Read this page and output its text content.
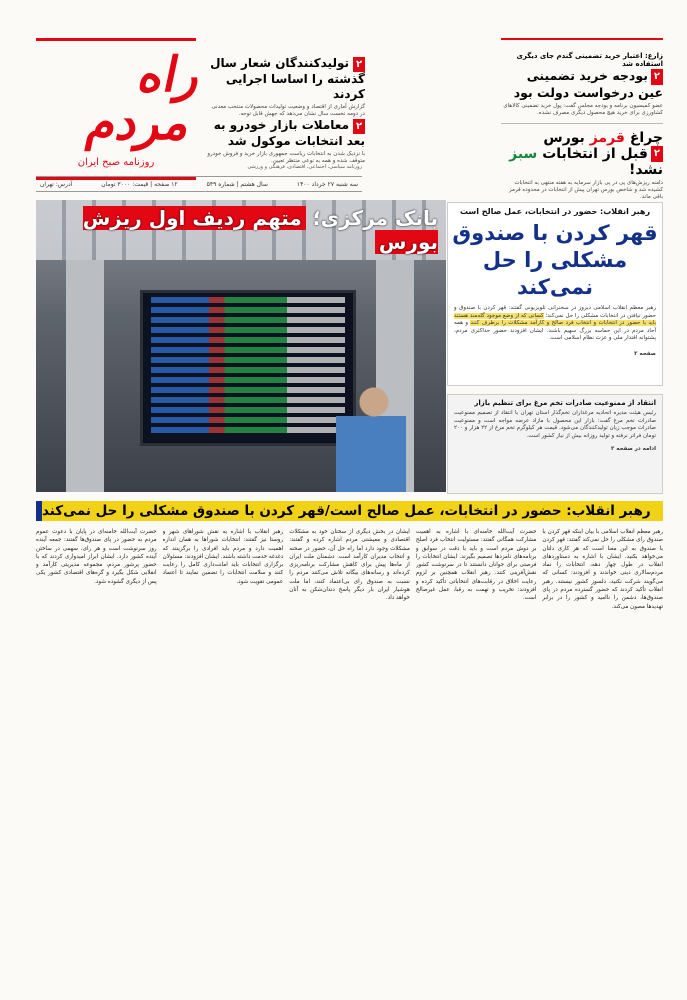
راه مردم
روزنامه صبح ایران	روزنامه سیاسی، اجتماعی، اقتصادی، فرهنگی و ورزشی
سه شنبه ۲۷ خرداد ۱۴۰۰
سال هشتم | شماره ۵۴۹
۱۲ صفحه | قیمت: ۳۰۰۰ تومان
آدرس: تهران
۲تولیدکنندگان شعار سال گذشته را اساسا اجرایی کردند
گزارش آماری از اقتصاد و وضعیت تولیدات محصولات منتخب معدنی در دومه نخست سال نشان می‌دهد که جهش قابل توجه.
۲معاملات بازار خودرو به بعد انتخابات موکول شد
با نزدیک شدن به انتخابات ریاست جمهوری بازار خرید و فروش خودرو متوقف شده و همه به نوعی منتظر تعیین.
زارع: اعتبار خرید تضمینی گندم جای دیگری استفاده شد
۲بودجه خرید تضمینی عین درخواست دولت بود
عضو کمیسیون برنامه و بودجه مجلس گفت: پول خرید تضمینی کالاهای کشاورزی برای خرید هیچ محصول دیگری مصرف نشده.
چراغ قرمز بورس
۲قبل از انتخابات سبز نشد!
دامنه ریزش‌های پی در پی بازار سرمایه به هفته منتهی به انتخابات کشیده شد و شاخص بورس تهران پیش از انتخابات در محدوده قرمز باقی ماند.
بانک مرکزی؛ متهم ردیف اول ریزش بورس
رهبر انقلاب: حضور در انتخابات، عمل صالح است
قهر کردن با صندوق مشکلی را حل نمی‌کند
رهبر معظم انقلاب اسلامی دیروز در سخنرانی تلویزیونی گفتند: قهر کردن با صندوق و حضور نیافتن در انتخابات مشکلی را حل نمی‌کند؛ کسانی که از وضع موجود گله‌مند هستند باید با حضور در انتخابات و انتخاب فرد صالح و کارآمد مشکلات را برطرف کنند و همه آحاد مردم در این حماسه بزرگ سهیم باشند. ایشان افزودند حضور حداکثری مردم، پشتوانه اقتدار ملی و عزت نظام اسلامی است.
صفحه ۲
انتقاد از ممنوعیت صادرات تخم مرغ برای تنظیم بازار
رئیس هیئت مدیره اتحادیه مرغداران تخم‌گذار استان تهران با انتقاد از تصمیم ممنوعیت صادرات تخم مرغ گفت: بازار این محصول با مازاد عرضه مواجه است و ممنوعیت صادرات موجب زیان تولیدکنندگان می‌شود. قیمت هر کیلوگرم تخم مرغ از ۲۲ هزار و ۲۰۰ تومان فراتر نرفته و تولید روزانه بیش از نیاز کشور است.
ادامه در صفحه ۲
رهبر انقلاب: حضور در انتخابات، عمل صالح است/قهر کردن با صندوق مشکلی را حل نمی‌کند
رهبر معظم انقلاب اسلامی با بیان اینکه قهر کردن با صندوق رای مشکلی را حل نمی‌کند گفتند: قهر کردن با صندوق به این معنا است که هر کاری دلتان می‌خواهد بکنید. ایشان با اشاره به دستاوردهای انقلاب در طول چهار دهه، انتخابات را نماد مردم‌سالاری دینی خواندند و افزودند: کسانی که می‌گویند شرکت نکنید، دلسوز کشور نیستند. رهبر انقلاب تأکید کردند که حضور گسترده مردم در پای صندوق‌ها، دشمن را ناامید و کشور را در برابر تهدیدها مصون می‌کند.
حضرت آیت‌الله خامنه‌ای با اشاره به اهمیت مشارکت همگانی گفتند: مسئولیت انتخاب فرد اصلح بر دوش مردم است و باید با دقت در سوابق و برنامه‌های نامزدها تصمیم بگیرند. ایشان انتخابات را فرصتی برای جوانان دانستند تا در سرنوشت کشور نقش‌آفرینی کنند. رهبر انقلاب همچنین بر لزوم رعایت اخلاق در رقابت‌های انتخاباتی تأکید کرده و افزودند: تخریب و تهمت به رقبا، عمل غیرصالح است.
ایشان در بخش دیگری از سخنان خود به مشکلات اقتصادی و معیشتی مردم اشاره کرده و گفتند: مشکلات وجود دارد اما راه حل آن، حضور در صحنه و انتخاب مدیران کارآمد است. دشمنان ملت ایران از ماه‌ها پیش برای کاهش مشارکت برنامه‌ریزی کرده‌اند و رسانه‌های بیگانه تلاش می‌کنند مردم را نسبت به صندوق رای بی‌اعتماد کنند، اما ملت هوشیار ایران بار دیگر پاسخ دندان‌شکن به آنان خواهد داد.
رهبر انقلاب با اشاره به نقش شوراهای شهر و روستا نیز گفتند: انتخابات شوراها به همان اندازه اهمیت دارد و مردم باید افرادی را برگزینند که دغدغه خدمت داشته باشند. ایشان افزودند: مسئولان برگزاری انتخابات باید امانت‌داری کامل را رعایت کنند و سلامت انتخابات را تضمین نمایند تا اعتماد عمومی تقویت شود.
حضرت آیت‌الله خامنه‌ای در پایان با دعوت عموم مردم به حضور در پای صندوق‌ها گفتند: جمعه آینده روز سرنوشت است و هر رای، سهمی در ساختن آینده کشور دارد. ایشان ابراز امیدواری کردند که با حضور پرشور مردم، مجموعه مدیریتی کارآمد و انقلابی شکل بگیرد و گره‌های اقتصادی کشور یکی پس از دیگری گشوده شود.
